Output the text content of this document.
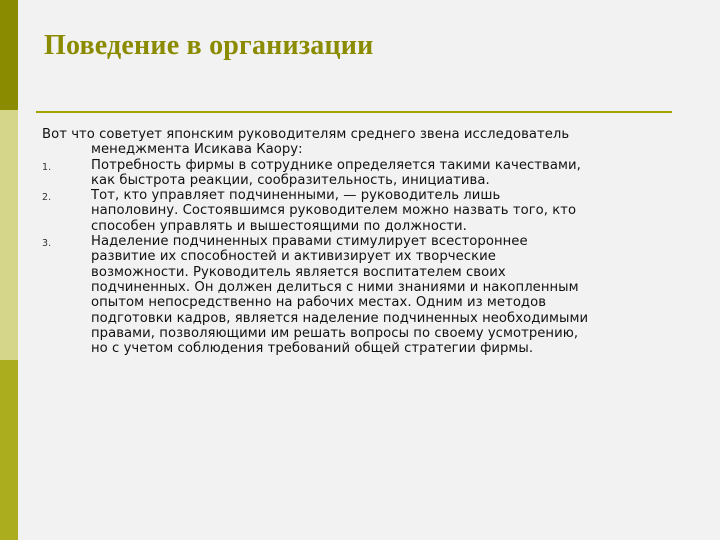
Поведение в организации
Вот что советует японским руководителям среднего звена исследователь
менеджмента Исикава Каору:
1.	Потребность фирмы в сотруднике определяется такими качествами,
как быстрота реакции, сообразительность, инициатива.
2.	Тот, кто управляет подчиненными, — руководитель лишь
наполовину. Состоявшимся руководителем можно назвать того, кто
способен управлять и вышестоящими по должности.
3.	Наделение подчиненных правами стимулирует всестороннее
развитие их способностей и активизирует их творческие
возможности. Руководитель является воспитателем своих
подчиненных. Он должен делиться с ними знаниями и накопленным
опытом непосредственно на рабочих местах. Одним из методов
подготовки кадров, является наделение подчиненных необходимыми
правами, позволяющими им решать вопросы по своему усмотрению,
но с учетом соблюдения требований общей стратегии фирмы.
